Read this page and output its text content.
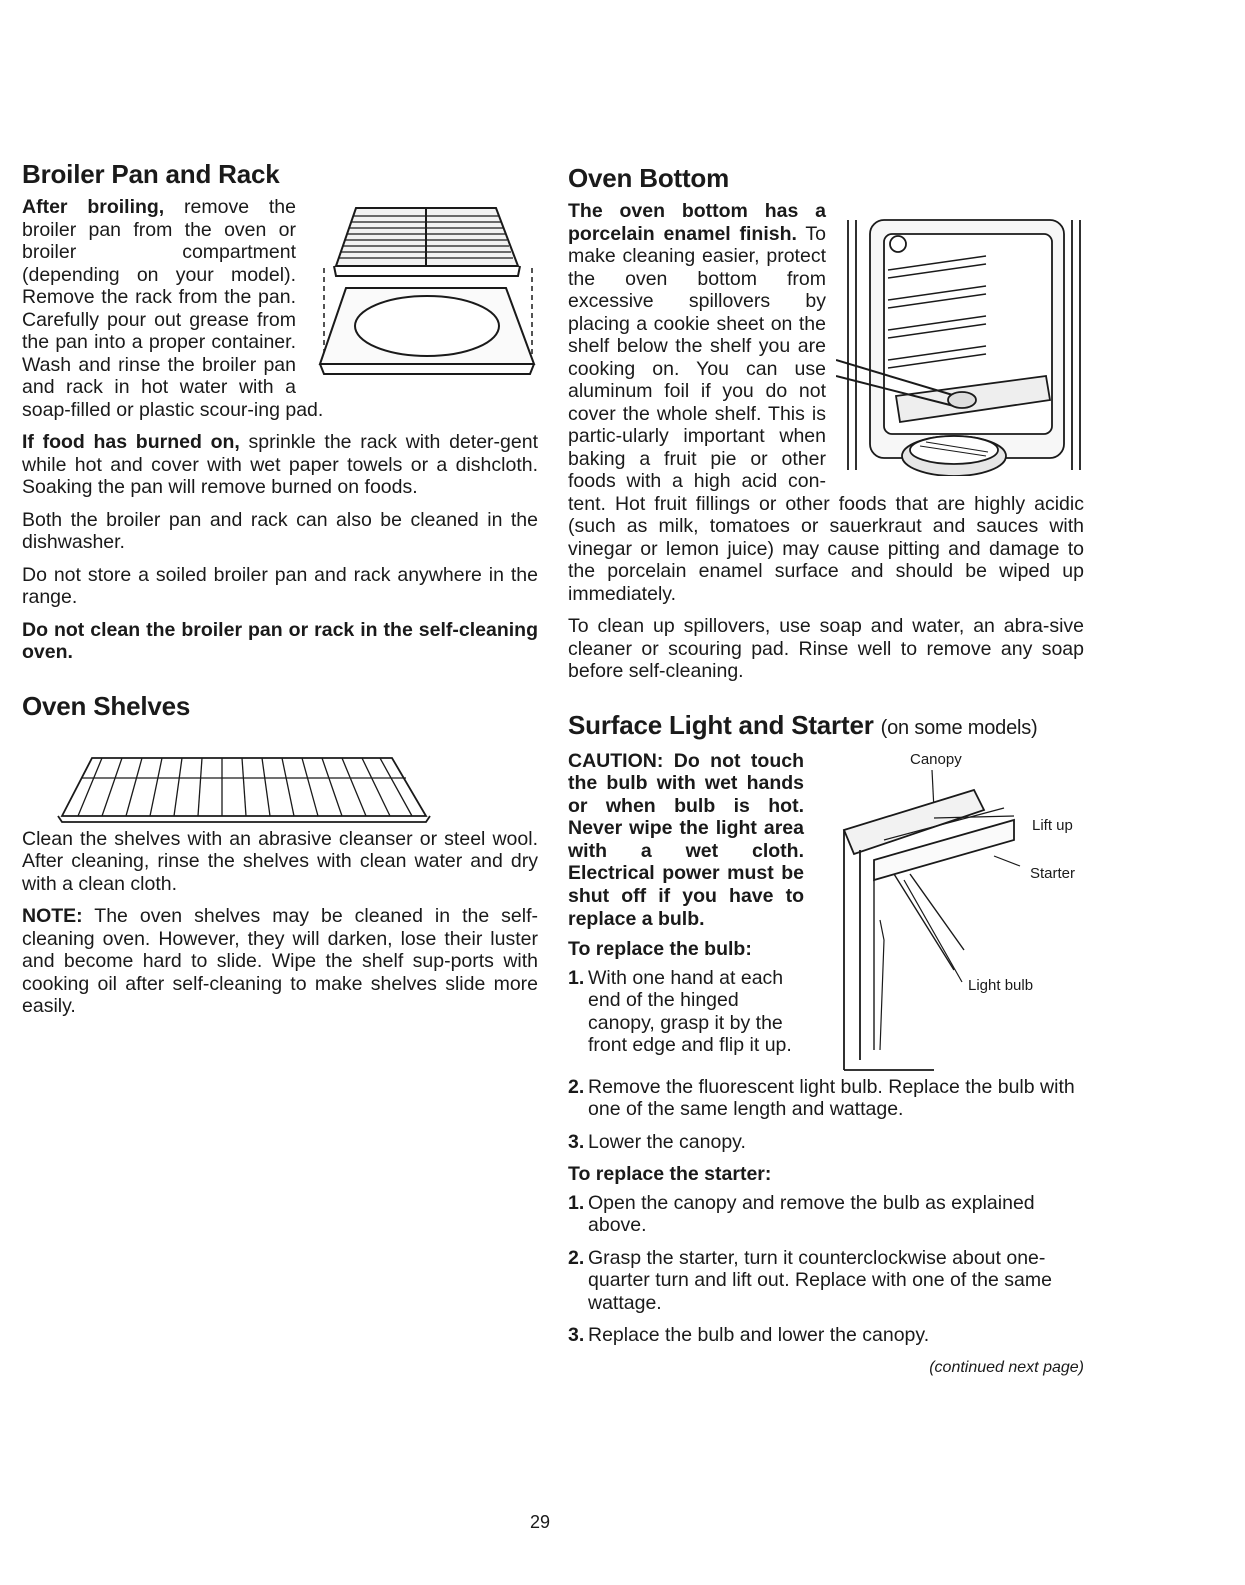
Broiler Pan and Rack

After broiling, remove the broiler pan from the oven or broiler compartment (depending on your model). Remove the rack from the pan. Carefully pour out grease from the pan into a proper container. Wash and rinse the broiler pan and rack in hot water with a soap-filled or plastic scour-ing pad.

If food has burned on, sprinkle the rack with deter-gent while hot and cover with wet paper towels or a dishcloth. Soaking the pan will remove burned on foods.

Both the broiler pan and rack can also be cleaned in the dishwasher.

Do not store a soiled broiler pan and rack anywhere in the range.

Do not clean the broiler pan or rack in the self-cleaning oven.

Oven Shelves

Clean the shelves with an abrasive cleanser or steel wool. After cleaning, rinse the shelves with clean water and dry with a clean cloth.

NOTE: The oven shelves may be cleaned in the self-cleaning oven. However, they will darken, lose their luster and become hard to slide. Wipe the shelf sup-ports with cooking oil after self-cleaning to make shelves slide more easily.

Oven Bottom

The oven bottom has a porcelain enamel finish. To make cleaning easier, protect the oven bottom from excessive spillovers by placing a cookie sheet on the shelf below the shelf you are cooking on. You can use aluminum foil if you do not cover the whole shelf. This is partic-ularly important when baking a fruit pie or other foods with a high acid con-tent. Hot fruit fillings or other foods that are highly acidic (such as milk, tomatoes or sauerkraut and sauces with vinegar or lemon juice) may cause pitting and damage to the porcelain enamel surface and should be wiped up immediately.

To clean up spillovers, use soap and water, an abra-sive cleaner or scouring pad. Rinse well to remove any soap before self-cleaning.

Surface Light and Starter (on some models)
Canopy
Lift up
Starter
Light bulb

CAUTION: Do not touch the bulb with wet hands or when bulb is hot. Never wipe the light area with a wet cloth. Electrical power must be shut off if you have to replace a bulb.

To replace the bulb:

1. With one hand at each end of the hinged canopy, grasp it by the front edge and flip it up.
2. Remove the fluorescent light bulb. Replace the bulb with one of the same length and wattage.
3. Lower the canopy.

To replace the starter:

1. Open the canopy and remove the bulb as explained above.
2. Grasp the starter, turn it counterclockwise about one-quarter turn and lift out. Replace with one of the same wattage.
3. Replace the bulb and lower the canopy.
(continued next page)
29
